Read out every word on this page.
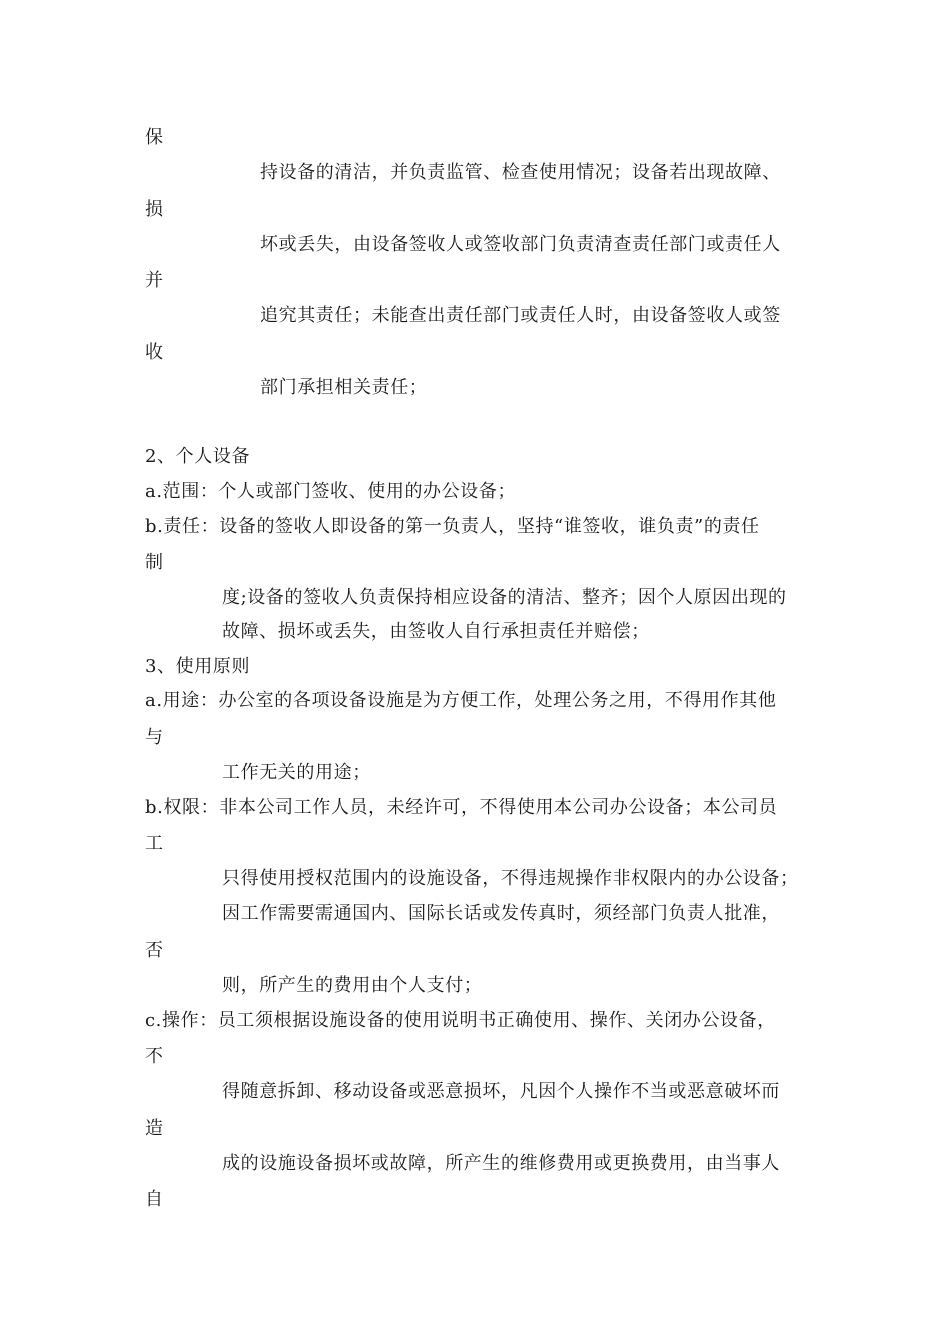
保
持设备的清洁，并负责监管、检查使用情况；设备若出现故障、
损
坏或丢失，由设备签收人或签收部门负责清查责任部门或责任人
并
追究其责任；未能查出责任部门或责任人时，由设备签收人或签
收
部门承担相关责任；
2、个人设备
a.范围：个人或部门签收、使用的办公设备；
b.责任：设备的签收人即设备的第一负责人，坚持“谁签收，谁负责”的责任
制
度;设备的签收人负责保持相应设备的清洁、整齐；因个人原因出现的
故障、损坏或丢失，由签收人自行承担责任并赔偿；
3、使用原则
a.用途：办公室的各项设备设施是为方便工作，处理公务之用，不得用作其他
与
工作无关的用途；
b.权限：非本公司工作人员，未经许可，不得使用本公司办公设备；本公司员
工
只得使用授权范围内的设施设备，不得违规操作非权限内的办公设备；
因工作需要需通国内、国际长话或发传真时，须经部门负责人批准，
否
则，所产生的费用由个人支付；
c.操作：员工须根据设施设备的使用说明书正确使用、操作、关闭办公设备，
不
得随意拆卸、移动设备或恶意损坏，凡因个人操作不当或恶意破坏而
造
成的设施设备损坏或故障，所产生的维修费用或更换费用，由当事人
自
